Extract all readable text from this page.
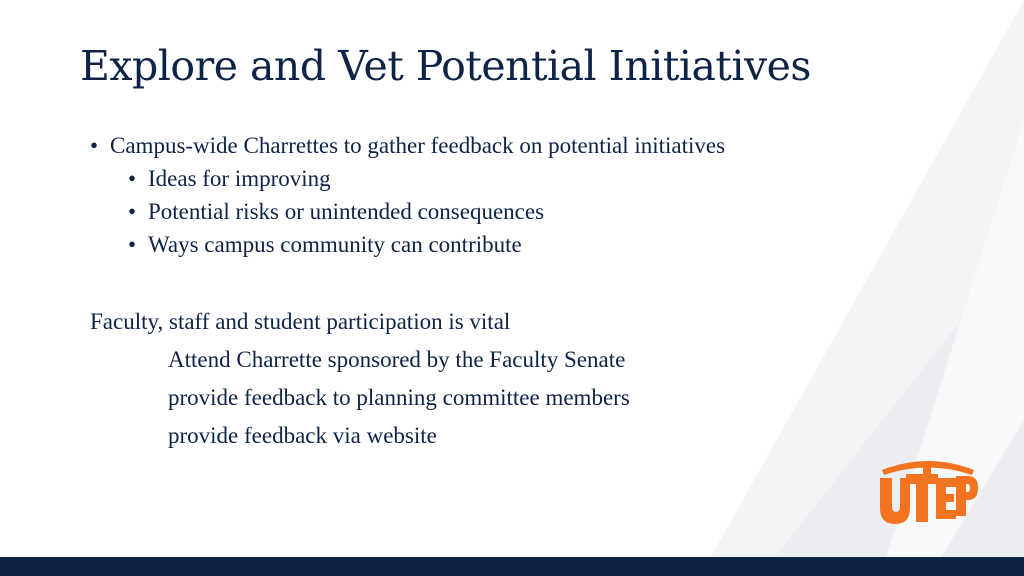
Explore and Vet Potential Initiatives
• Campus-wide Charrettes to gather feedback on potential initiatives
• Ideas for improving
• Potential risks or unintended consequences
• Ways campus community can contribute
Faculty, staff and student participation is vital
Attend Charrette sponsored by the Faculty Senate
provide feedback to planning committee members
provide feedback via website
